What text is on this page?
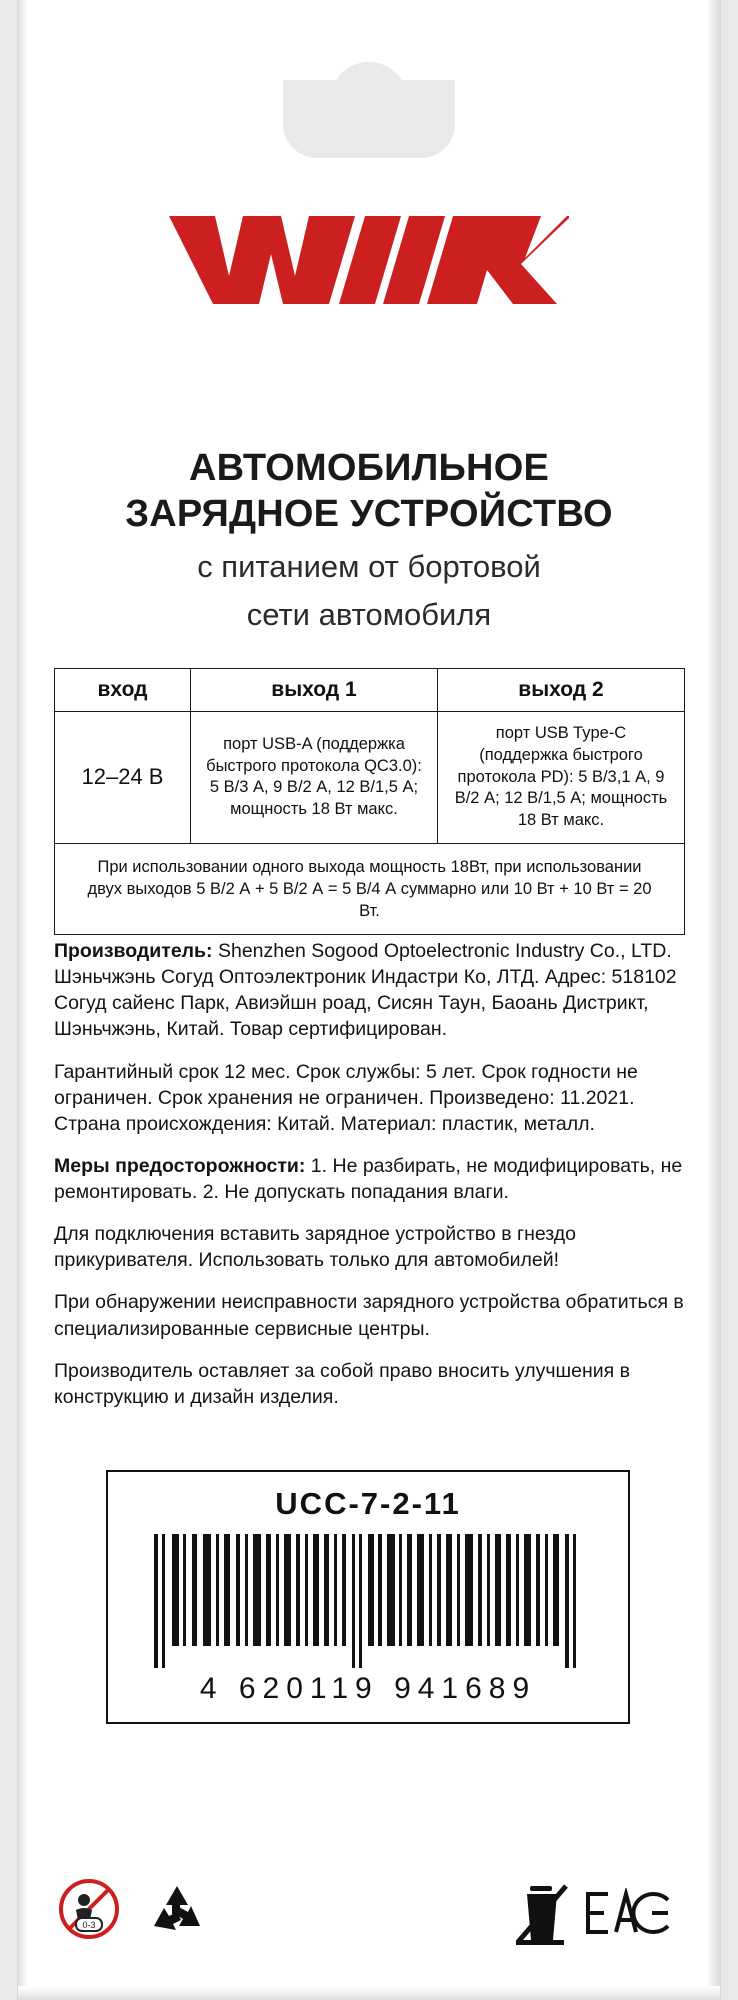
АВТОМОБИЛЬНОЕ
ЗАРЯДНОЕ УСТРОЙСТВО
с питанием от бортовой
сети автомобиля
вход	выход 1	выход 2
12–24 В	порт USB-A (поддержка быстрого протокола QC3.0): 5 В/3 А, 9 В/2 А, 12 В/1,5 А; мощность 18 Вт макс.	порт USB Type-C (поддержка быстрого протокола PD): 5 В/3,1 А, 9 В/2 А; 12 В/1,5 А; мощность 18 Вт макс.
При использовании одного выхода мощность 18Вт, при использовании двух выходов 5 В/2 А + 5 В/2 А = 5 В/4 А суммарно или 10 Вт + 10 Вт = 20 Вт.		
Производитель: Shenzhen Sogood Optoelectronic Industry Co., LTD. Шэньчжэнь Согуд Оптоэлектроник Индастри Ко, ЛТД. Адрес: 518102 Согуд сайенс Парк, Авиэйшн роад, Сисян Таун, Баоань Дистрикт, Шэньчжэнь, Китай. Товар сертифицирован.
Гарантийный срок 12 мес. Срок службы: 5 лет. Срок годности не ограничен. Срок хранения не ограничен. Произведено: 11.2021. Страна происхождения: Китай. Материал: пластик, металл.
Меры предосторожности: 1. Не разбирать, не модифицировать, не ремонтировать. 2. Не допускать попадания влаги.
Для подключения вставить зарядное устройство в гнездо прикуривателя. Использовать только для автомобилей!
При обнаружении неисправности зарядного устройства обратиться в специализированные сервисные центры.
Производитель оставляет за собой право вносить улучшения в конструкцию и дизайн изделия.
UCC-7-2-11
4 620119 941689
0-3
